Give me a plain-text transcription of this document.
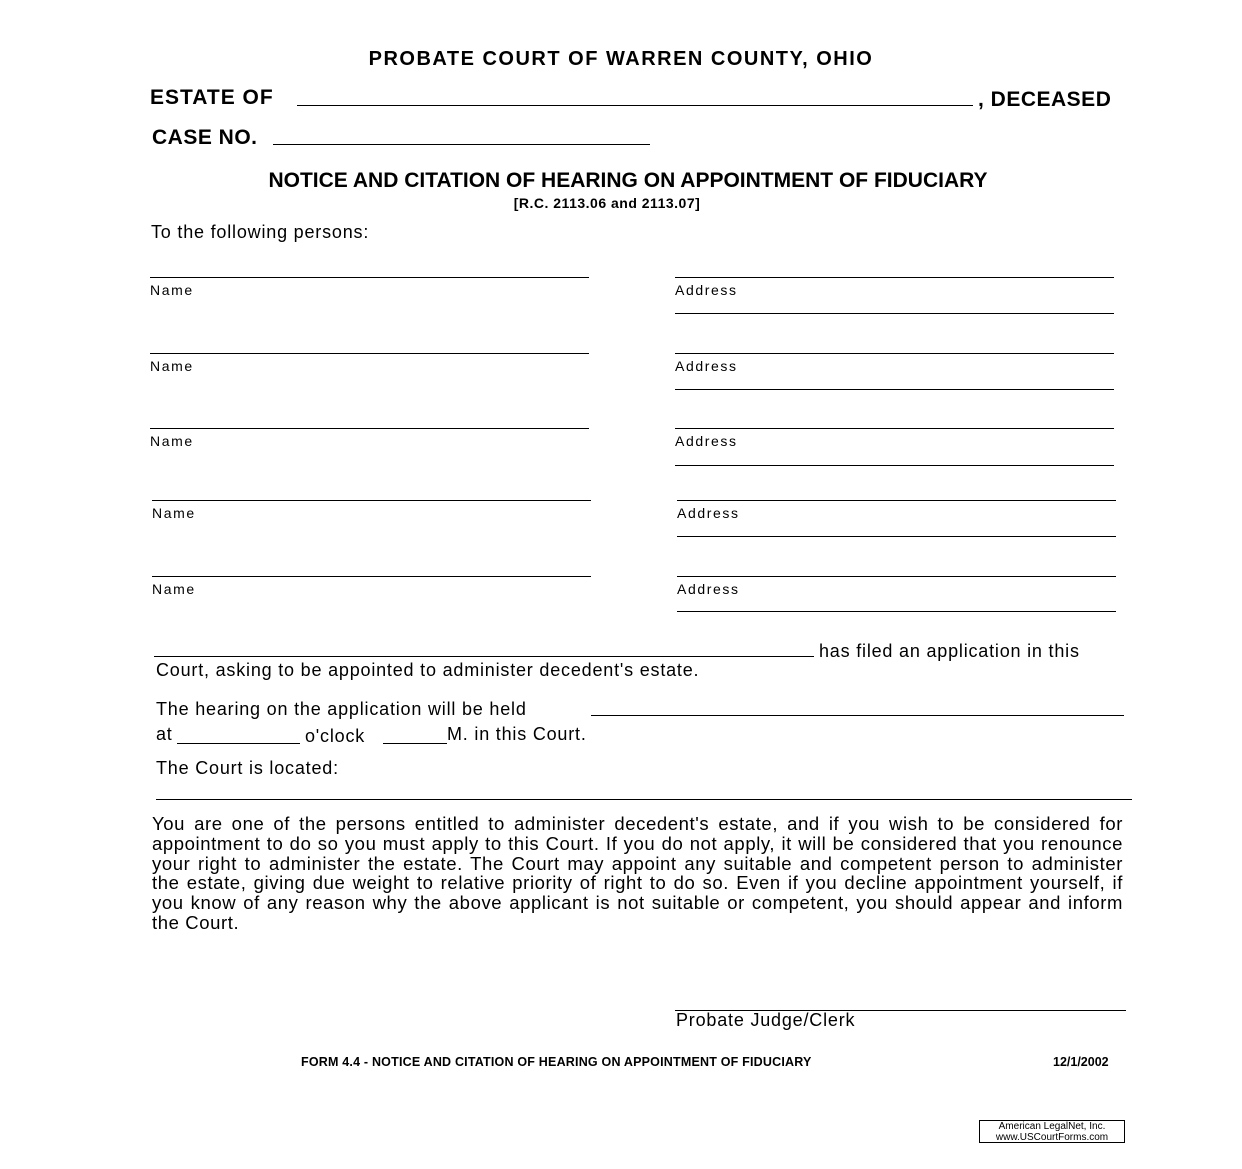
PROBATE COURT OF WARREN COUNTY, OHIO
ESTATE OF	, DECEASED
CASE NO.
NOTICE AND CITATION OF HEARING ON APPOINTMENT OF FIDUCIARY
[R.C. 2113.06 and 2113.07]
To the following persons:
Name	Address
Name	Address
Name	Address
Name	Address
Name	Address
has filed an application in this
Court, asking to be appointed to administer decedent's estate.
The hearing on the application will be held
at	o'clock	M. in this Court.
The Court is located:
You are one of the persons entitled to administer decedent's estate, and if you wish to be considered for appointment to do so you must apply to this Court. If you do not apply, it will be considered that you renounce your right to administer the estate. The Court may appoint any suitable and competent person to administer the estate, giving due weight to relative priority of right to do so. Even if you decline appointment yourself, if you know of any reason why the above applicant is not suitable or competent, you should appear and inform the Court.
Probate Judge/Clerk
FORM 4.4 - NOTICE AND CITATION OF HEARING ON APPOINTMENT OF FIDUCIARY	12/1/2002
American LegalNet, Inc.
www.USCourtForms.com
